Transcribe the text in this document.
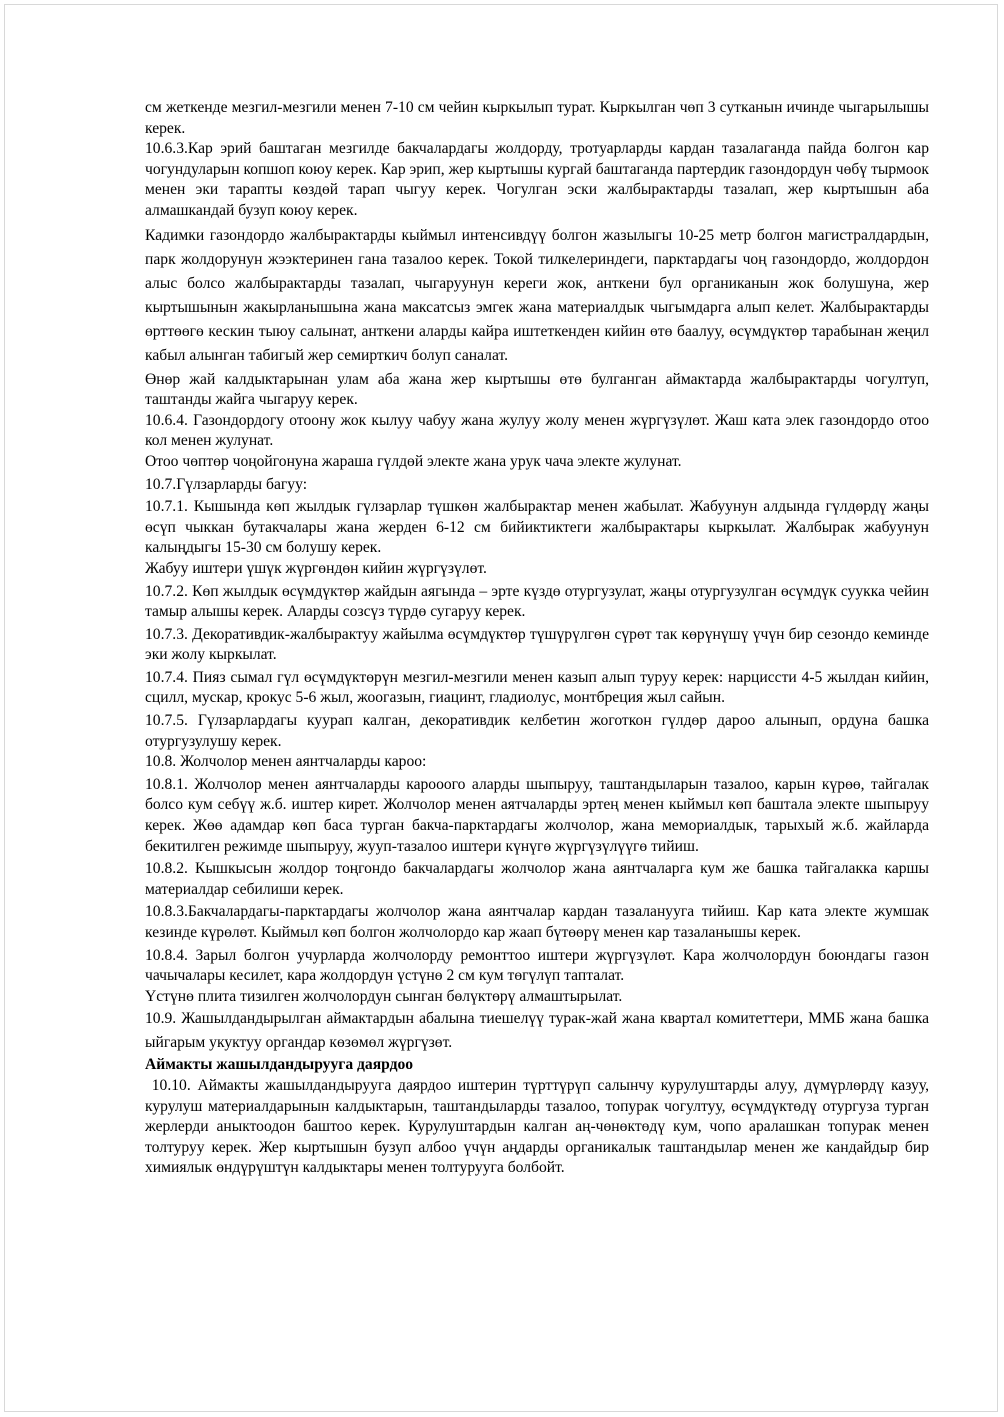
см жеткенде мезгил-мезгили менен 7-10 см чейин кыркылып турат. Кыркылган чөп 3 сутканын ичинде чыгарылышы керек.

10.6.3.Кар эрий баштаган мезгилде бакчалардагы жолдорду, тротуарларды кардан тазалаганда пайда болгон кар чогундуларын копшоп коюу керек. Кар эрип, жер кыртышы кургай баштаганда партердик газондордун чөбү тырмоок менен эки тарапты көздөй тарап чыгуу керек. Чогулган эски жалбырактарды тазалап, жер кыртышын аба алмашкандай бузуп коюу керек.

Кадимки газондордо жалбырактарды кыймыл интенсивдүү болгон жазылыгы 10-25 метр болгон магистралдардын, парк жолдорунун жээктеринен гана тазалоо керек. Токой тилкелериндеги, парктардагы чоң газондордо, жолдордон алыс болсо жалбырактарды тазалап, чыгаруунун кереги жок, анткени бул органиканын жок болушуна, жер кыртышынын жакырланышына жана максатсыз эмгек жана материалдык чыгымдарга алып келет. Жалбырактарды өрттөөгө кескин тыюу салынат, анткени аларды кайра иштеткенден кийин өтө баалуу, өсүмдүктөр тарабынан жеңил кабыл алынган табигый жер семирткич болуп саналат.

Өнөр жай калдыктарынан улам аба жана жер кыртышы өтө булганган аймактарда жалбырактарды чогултуп, таштанды жайга чыгаруу керек.

10.6.4. Газондордогу отоону жок кылуу чабуу жана жулуу жолу менен жүргүзүлөт. Жаш ката элек газондордо отоо кол менен жулунат.

Отоо чөптөр чоңойгонуна жараша гүлдөй электе жана урук чача электе жулунат.

10.7.Гүлзарларды багуу:

10.7.1. Кышында көп жылдык гүлзарлар түшкөн жалбырактар менен жабылат. Жабуунун алдында гүлдөрдү жаңы өсүп чыккан бутакчалары жана жерден 6-12 см бийиктиктеги жалбырактары кыркылат. Жалбырак жабуунун калыңдыгы 15-30 см болушу керек.

Жабуу иштери үшүк жүргөндөн кийин жүргүзүлөт.

10.7.2. Көп жылдык өсүмдүктөр жайдын аягында – эрте күздө отургузулат, жаңы отургузулган өсүмдүк суукка чейин тамыр алышы керек. Аларды созсүз түрдө сугаруу керек.

10.7.3. Декоративдик-жалбырактуу жайылма өсүмдүктөр түшүрүлгөн сүрөт так көрүнүшү үчүн бир сезондо кеминде эки жолу кыркылат.

10.7.4. Пияз сымал гүл өсүмдүктөрүн мезгил-мезгили менен казып алып туруу керек: нарциссти 4-5 жылдан кийин, сцилл, мускар, крокус 5-6 жыл, жоогазын, гиацинт, гладиолус, монтбреция жыл сайын.

10.7.5. Гүлзарлардагы куурап калган, декоративдик келбетин жоготкон гүлдөр дароо алынып, ордуна башка отургузулушу керек.

10.8. Жолчолор менен аянтчаларды кароо:

10.8.1. Жолчолор менен аянтчаларды карооого аларды шыпыруу, таштандыларын тазалоо, карын күрөө, тайгалак болсо кум себүү ж.б. иштер кирет. Жолчолор менен аятчаларды эртең менен кыймыл көп баштала электе шыпыруу керек. Жөө адамдар көп баса турган бакча-парктардагы жолчолор, жана мемориалдык, тарыхый ж.б. жайларда бекитилген режимде шыпыруу, жууп-тазалоо иштери күнүгө жүргүзүлүүгө тийиш.

10.8.2. Кышкысын жолдор тоңгондо бакчалардагы жолчолор жана аянтчаларга кум же башка тайгалакка каршы материалдар себилиши керек.

10.8.3.Бакчалардагы-парктардагы жолчолор жана аянтчалар кардан тазаланууга тийиш. Кар ката электе жумшак кезинде күрөлөт. Кыймыл көп болгон жолчолордо кар жаап бүтөөрү менен кар тазаланышы керек.

10.8.4. Зарыл болгон учурларда жолчолорду ремонттоо иштери жүргүзүлөт. Кара жолчолордун боюндагы газон чачычалары кесилет, кара жолдордун үстүнө 2 см кум төгүлүп тапталат.

Үстүнө плита тизилген жолчолордун сынган бөлүктөрү алмаштырылат.

10.9. Жашылдандырылган аймактардын абалына тиешелүү турак-жай жана квартал комитеттери, ММБ жана башка ыйгарым укуктуу органдар көзөмөл жүргүзөт.

Аймакты жашылдандырууга даярдоо

10.10. Аймакты жашылдандырууга даярдоо иштерин түрттүрүп салынчу курулуштарды алуу, дүмүрлөрдү казуу, курулуш материалдарынын калдыктарын, таштандыларды тазалоо, топурак чогултуу, өсүмдүктөдү отургуза турган жерлерди аныктоодон баштоо керек. Курулуштардын калган аң-чөнөктөдү кум, чопо аралашкан топурак менен толтуруу керек. Жер кыртышын бузуп албоо үчүн аңдарды органикалык таштандылар менен же кандайдыр бир химиялык өндүрүштүн калдыктары менен толтурууга болбойт.
